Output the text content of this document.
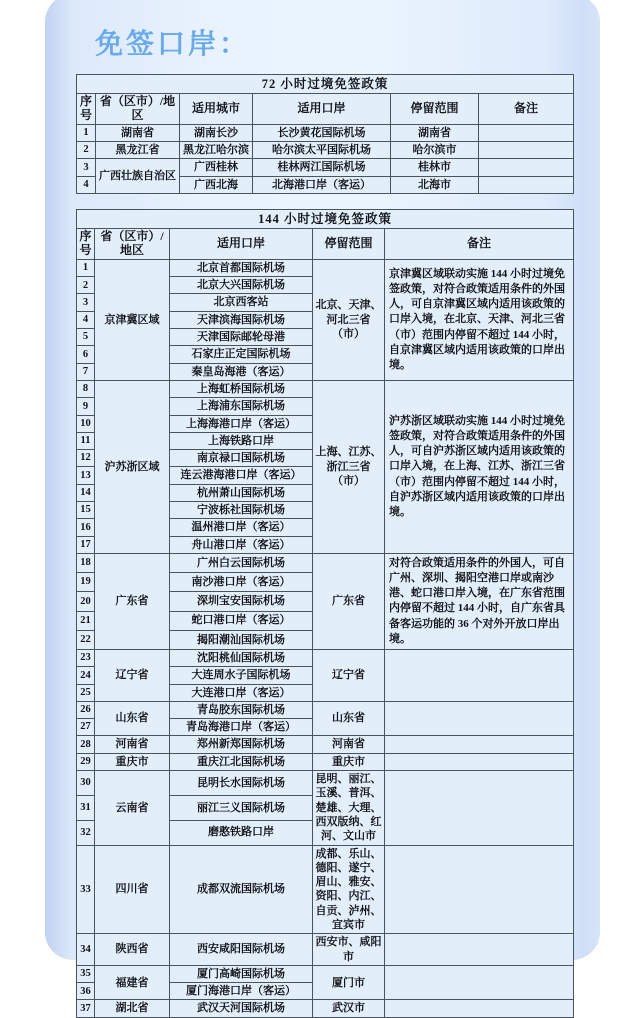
免签口岸：
72 小时过境免签政策					
序号	省（区市）/地区	适用城市	适用口岸	停留范围	备注
1	湖南省	湖南长沙	长沙黄花国际机场	湖南省	
2	黑龙江省	黑龙江哈尔滨	哈尔滨太平国际机场	哈尔滨市	
3	广西壮族自治区	广西桂林	桂林两江国际机场	桂林市	
4		广西北海	北海港口岸（客运）	北海市	
144 小时过境免签政策				
序号	省（区市）/地区	适用口岸	停留范围	备注
1	京津冀区域	北京首都国际机场	北京、天津、河北三省（市）	京津冀区域联动实施 144 小时过境免签政策，对符合政策适用条件的外国人，可自京津冀区域内适用该政策的口岸入境，在北京、天津、河北三省（市）范围内停留不超过 144 小时，自京津冀区域内适用该政策的口岸出境。
2		北京大兴国际机场		
3		北京西客站		
4		天津滨海国际机场		
5		天津国际邮轮母港		
6		石家庄正定国际机场		
7		秦皇岛海港（客运）		
8	沪苏浙区域	上海虹桥国际机场	上海、江苏、浙江三省（市）	沪苏浙区域联动实施 144 小时过境免签政策，对符合政策适用条件的外国人，可自沪苏浙区域内适用该政策的口岸入境，在上海、江苏、浙江三省（市）范围内停留不超过 144 小时，自沪苏浙区域内适用该政策的口岸出境。
9		上海浦东国际机场		
10		上海海港口岸（客运）		
11		上海铁路口岸		
12		南京禄口国际机场		
13		连云港海港口岸（客运）		
14		杭州萧山国际机场		
15		宁波栎社国际机场		
16		温州港口岸（客运）		
17		舟山港口岸（客运）		
18	广东省	广州白云国际机场	广东省	对符合政策适用条件的外国人，可自广州、深圳、揭阳空港口岸或南沙港、蛇口港口岸入境，在广东省范围内停留不超过 144 小时，自广东省具备客运功能的 36 个对外开放口岸出境。
19		南沙港口岸（客运）		
20		深圳宝安国际机场		
21		蛇口港口岸（客运）		
22		揭阳潮汕国际机场		
23	辽宁省	沈阳桃仙国际机场	辽宁省	
24		大连周水子国际机场		
25		大连港口岸（客运）		
26	山东省	青岛胶东国际机场	山东省	
27		青岛海港口岸（客运）		
28	河南省	郑州新郑国际机场	河南省	
29	重庆市	重庆江北国际机场	重庆市	
30	云南省	昆明长水国际机场	昆明、丽江、玉溪、普洱、楚雄、大理、西双版纳、红河、文山市	
31		丽江三义国际机场		
32		磨憨铁路口岸		
33	四川省	成都双流国际机场	成都、乐山、德阳、遂宁、眉山、雅安、资阳、内江、自贡、泸州、宜宾市	
34	陕西省	西安咸阳国际机场	西安市、咸阳市	
35	福建省	厦门高崎国际机场	厦门市	
36		厦门海港口岸（客运）		
37	湖北省	武汉天河国际机场	武汉市	
